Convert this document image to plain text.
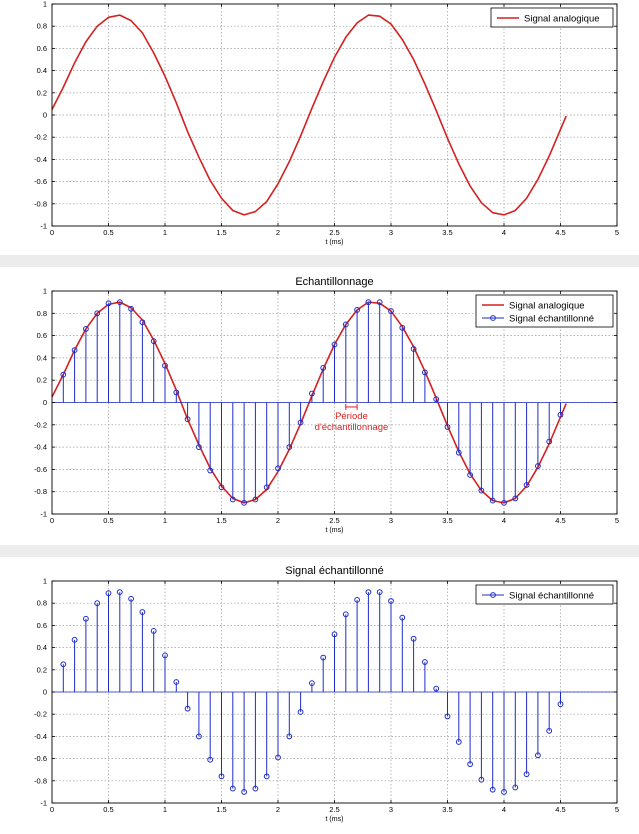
0	0.5	1	1.5	2	2.5	3	3.5	4	4.5	5
1
0.8
0.6
0.4
0.2
0
-0.2
-0.4
-0.6
-0.8
-1
t (ms)
Signal analogique
Période
d'échantillonnage
0	0.5	1	1.5	2	2.5	3	3.5	4	4.5	5
1
0.8
0.6
0.4
0.2
0
-0.2
-0.4
-0.6
-0.8
-1
t (ms)
Echantillonnage
Signal analogique
Signal échantillonné
0	0.5	1	1.5	2	2.5	3	3.5	4	4.5	5
1
0.8
0.6
0.4
0.2
0
-0.2
-0.4
-0.6
-0.8
-1
t (ms)
Signal échantillonné
Signal échantillonné
